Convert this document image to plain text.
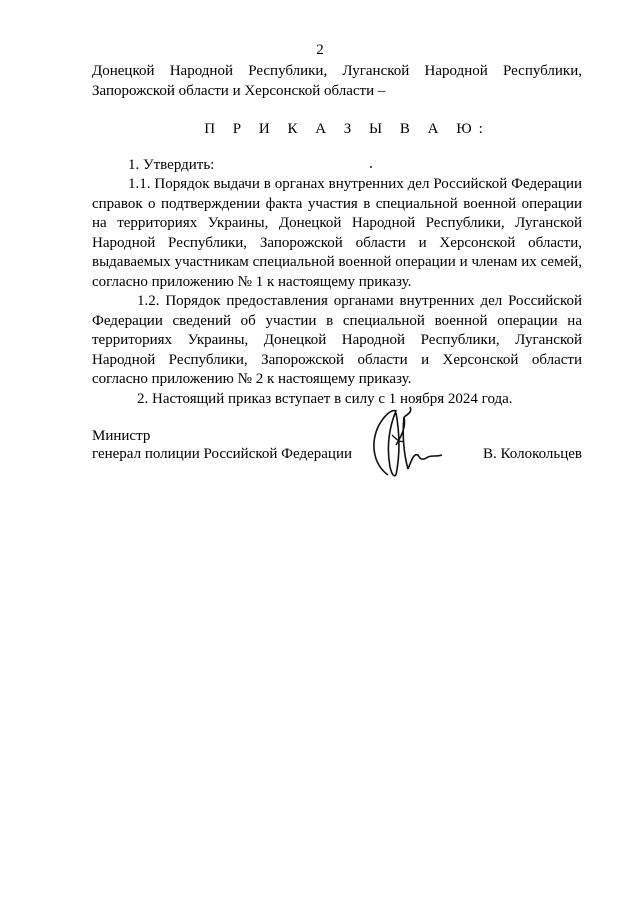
2

Донецкой Народной Республики, Луганской Народной Республики, Запорожской области и Херсонской области –

П Р И К А З Ы В А Ю:

1. Утвердить:

1.1. Порядок выдачи в органах внутренних дел Российской Федерации справок о подтверждении факта участия в специальной военной операции на территориях Украины, Донецкой Народной Республики, Луганской Народной Республики, Запорожской области и Херсонской области, выдаваемых участникам специальной военной операции и членам их семей, согласно приложению № 1 к настоящему приказу.

1.2. Порядок предоставления органами внутренних дел Российской Федерации сведений об участии в специальной военной операции на территориях Украины, Донецкой Народной Республики, Луганской Народной Республики, Запорожской области и Херсонской области согласно приложению № 2 к настоящему приказу.

2. Настоящий приказ вступает в силу с 1 ноября 2024 года.

Министр
генерал полиции Российской Федерации	В. Колокольцев
